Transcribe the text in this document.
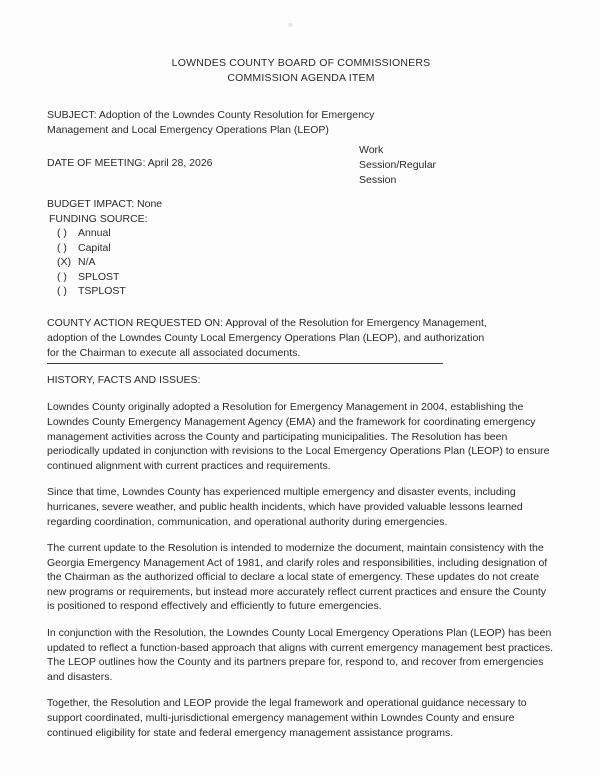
LOWNDES COUNTY BOARD OF COMMISSIONERS
COMMISSION AGENDA ITEM

SUBJECT: Adoption of the Lowndes County Resolution for Emergency Management and Local Emergency Operations Plan (LEOP)

DATE OF MEETING: April 28, 2026

Work Session/Regular Session

BUDGET IMPACT: None

FUNDING SOURCE:

( )	Annual
( )	Capital
(X) N/A
( )	SPLOST
( )	TSPLOST

COUNTY ACTION REQUESTED ON: Approval of the Resolution for Emergency Management, adoption of the Lowndes County Local Emergency Operations Plan (LEOP), and authorization for the Chairman to execute all associated documents.

HISTORY, FACTS AND ISSUES:

Lowndes County originally adopted a Resolution for Emergency Management in 2004, establishing the Lowndes County Emergency Management Agency (EMA) and the framework for coordinating emergency management activities across the County and participating municipalities. The Resolution has been periodically updated in conjunction with revisions to the Local Emergency Operations Plan (LEOP) to ensure continued alignment with current practices and requirements.

Since that time, Lowndes County has experienced multiple emergency and disaster events, including hurricanes, severe weather, and public health incidents, which have provided valuable lessons learned regarding coordination, communication, and operational authority during emergencies.

The current update to the Resolution is intended to modernize the document, maintain consistency with the Georgia Emergency Management Act of 1981, and clarify roles and responsibilities, including designation of the Chairman as the authorized official to declare a local state of emergency. These updates do not create new programs or requirements, but instead more accurately reflect current practices and ensure the County is positioned to respond effectively and efficiently to future emergencies.

In conjunction with the Resolution, the Lowndes County Local Emergency Operations Plan (LEOP) has been updated to reflect a function-based approach that aligns with current emergency management best practices. The LEOP outlines how the County and its partners prepare for, respond to, and recover from emergencies and disasters.

Together, the Resolution and LEOP provide the legal framework and operational guidance necessary to support coordinated, multi-jurisdictional emergency management within Lowndes County and ensure continued eligibility for state and federal emergency management assistance programs.
